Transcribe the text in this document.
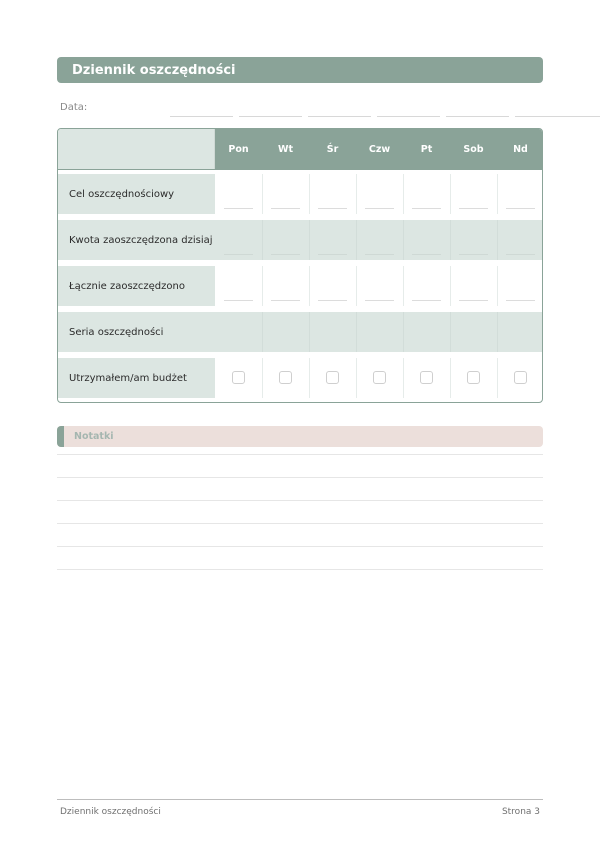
Dziennik oszczędności
Data:
Pon	Wt	Śr	Czw	Pt	Sob	Nd
Cel oszczędnościowy
Kwota zaoszczędzona dzisiaj
Łącznie zaoszczędzono
Seria oszczędności
Utrzymałem/am budżet
Notatki
Dziennik oszczędności	Strona 3
